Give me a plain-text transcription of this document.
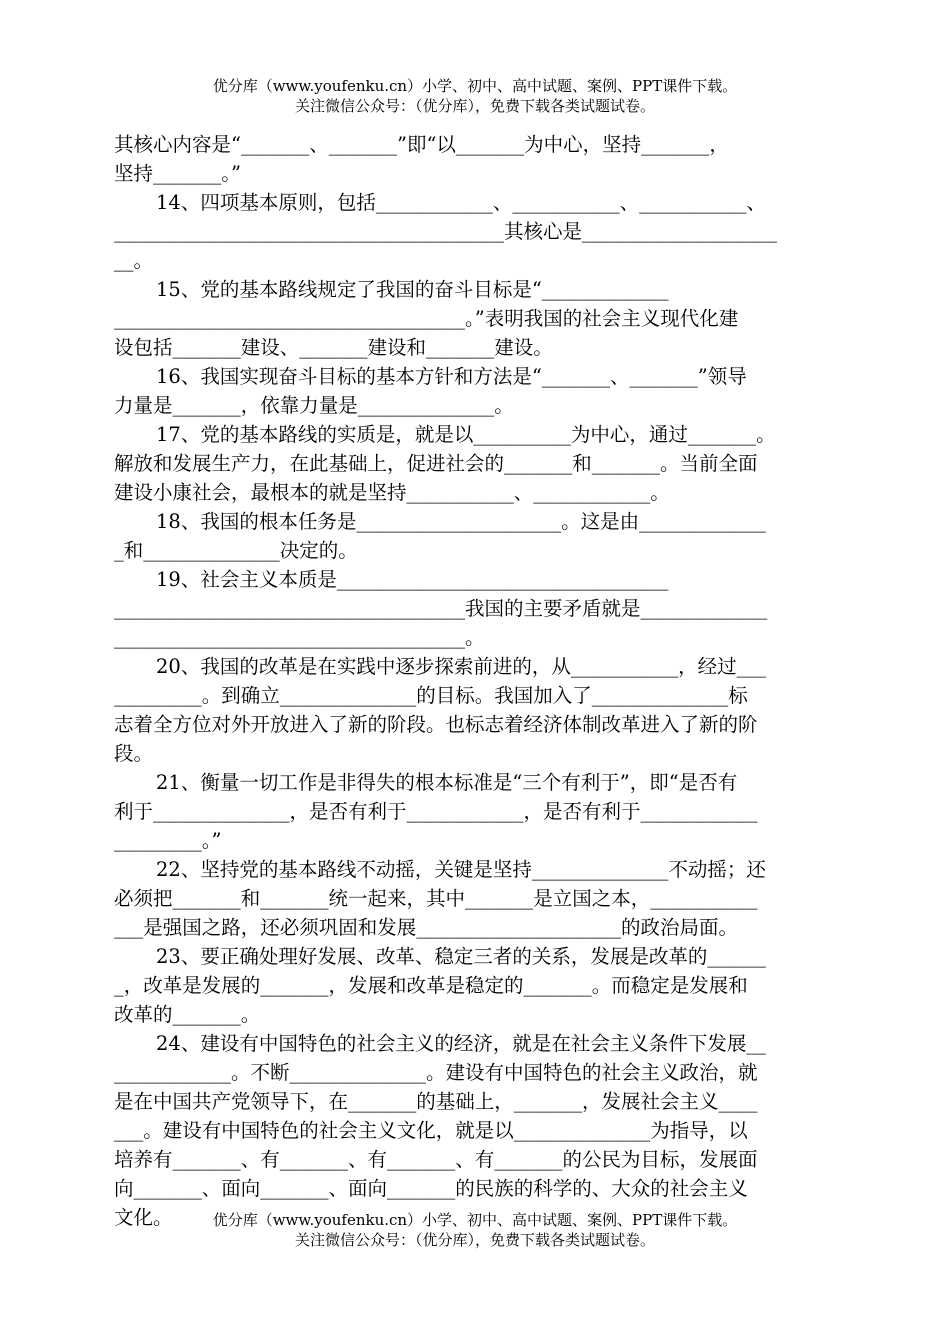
优分库（www.youfenku.cn）小学、初中、高中试题、案例、PPT课件下载。
关注微信公众号：（优分库），免费下载各类试题试卷。
其核心内容是“_______、_______”即“以_______为中心，坚持_______，
坚持_______。”
14、四项基本原则，包括____________、___________、___________、
________________________________________其核心是____________________
__。
15、党的基本路线规定了我国的奋斗目标是“_____________
____________________________________。”表明我国的社会主义现代化建
设包括_______建设、_______建设和_______建设。
16、我国实现奋斗目标的基本方针和方法是“_______、_______”领导
力量是_______，依靠力量是______________。
17、党的基本路线的实质是，就是以__________为中心，通过_______。
解放和发展生产力，在此基础上，促进社会的_______和_______。当前全面
建设小康社会，最根本的就是坚持___________、____________。
18、我国的根本任务是_____________________。这是由_____________
_和______________决定的。
19、社会主义本质是__________________________________
____________________________________我国的主要矛盾就是_____________
____________________________________。
20、我国的改革是在实践中逐步探索前进的，从___________，经过___
_________。到确立______________的目标。我国加入了______________标
志着全方位对外开放进入了新的阶段。也标志着经济体制改革进入了新的阶
段。
21、衡量一切工作是非得失的根本标准是“三个有利于”，即“是否有
利于______________，是否有利于____________，是否有利于____________
_________。”
22、坚持党的基本路线不动摇，关键是坚持______________不动摇；还
必须把_______和_______统一起来，其中_______是立国之本，___________
___是强国之路，还必须巩固和发展_____________________的政治局面。
23、要正确处理好发展、改革、稳定三者的关系，发展是改革的______
_，改革是发展的_______，发展和改革是稳定的_______。而稳定是发展和
改革的_______。
24、建设有中国特色的社会主义的经济，就是在社会主义条件下发展__
____________。不断______________。建设有中国特色的社会主义政治，就
是在中国共产党领导下，在_______的基础上，_______，发展社会主义____
___。建设有中国特色的社会主义文化，就是以______________为指导，以
培养有_______、有_______、有_______、有_______的公民为目标，发展面
向_______、面向_______、面向_______的民族的科学的、大众的社会主义
文化。	优分库（www.youfenku.cn）小学、初中、高中试题、案例、PPT课件下载。
关注微信公众号：（优分库），免费下载各类试题试卷。
